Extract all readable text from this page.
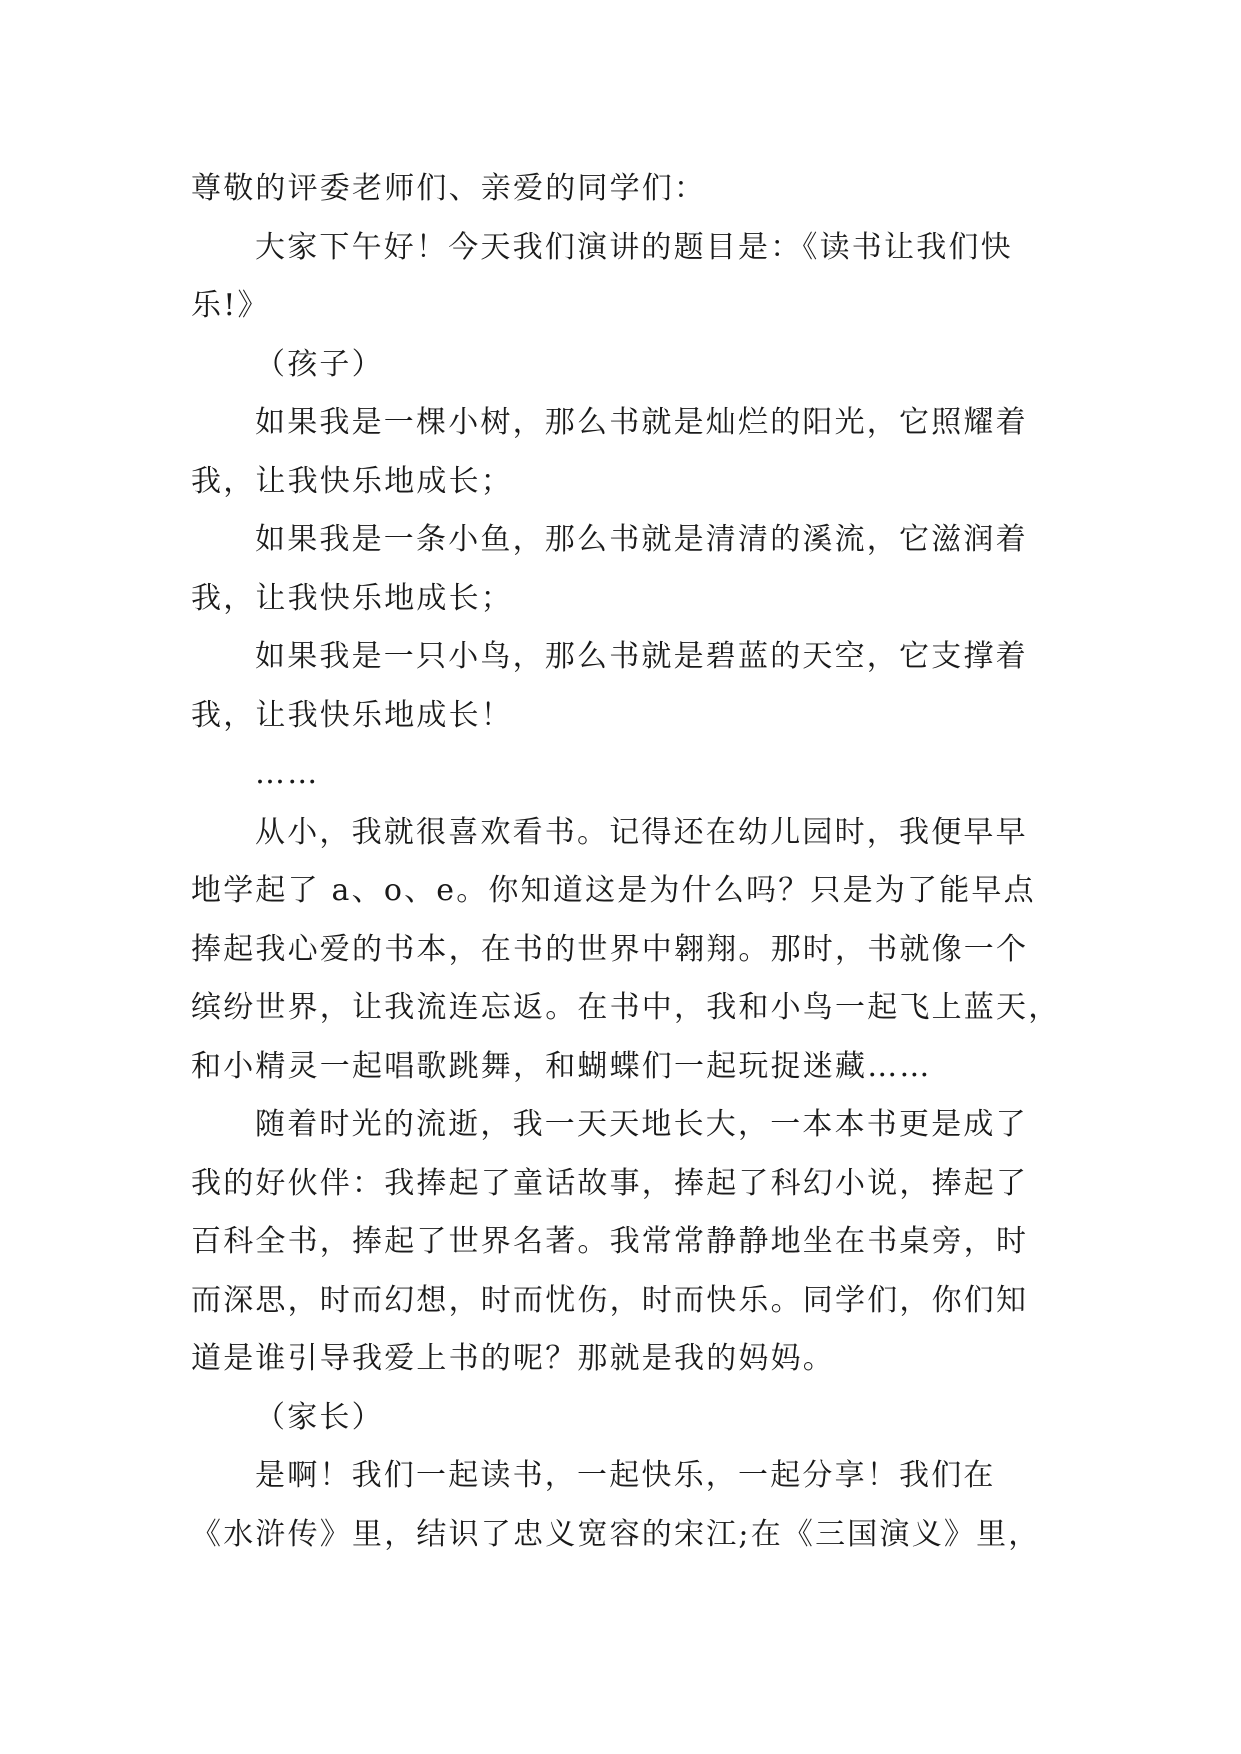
尊敬的评委老师们、亲爱的同学们：
大家下午好！今天我们演讲的题目是：《读书让我们快
乐!》
（孩子）
如果我是一棵小树，那么书就是灿烂的阳光，它照耀着
我，让我快乐地成长；
如果我是一条小鱼，那么书就是清清的溪流，它滋润着
我，让我快乐地成长；
如果我是一只小鸟，那么书就是碧蓝的天空，它支撑着
我，让我快乐地成长！
……
从小，我就很喜欢看书。记得还在幼儿园时，我便早早
地学起了 a、o、e。你知道这是为什么吗？只是为了能早点
捧起我心爱的书本，在书的世界中翱翔。那时，书就像一个
缤纷世界，让我流连忘返。在书中，我和小鸟一起飞上蓝天，
和小精灵一起唱歌跳舞，和蝴蝶们一起玩捉迷藏……
随着时光的流逝，我一天天地长大，一本本书更是成了
我的好伙伴：我捧起了童话故事，捧起了科幻小说，捧起了
百科全书，捧起了世界名著。我常常静静地坐在书桌旁，时
而深思，时而幻想，时而忧伤，时而快乐。同学们，你们知
道是谁引导我爱上书的呢？那就是我的妈妈。
（家长）
是啊！我们一起读书，一起快乐，一起分享！我们在
《水浒传》里，结识了忠义宽容的宋江;在《三国演义》里，
